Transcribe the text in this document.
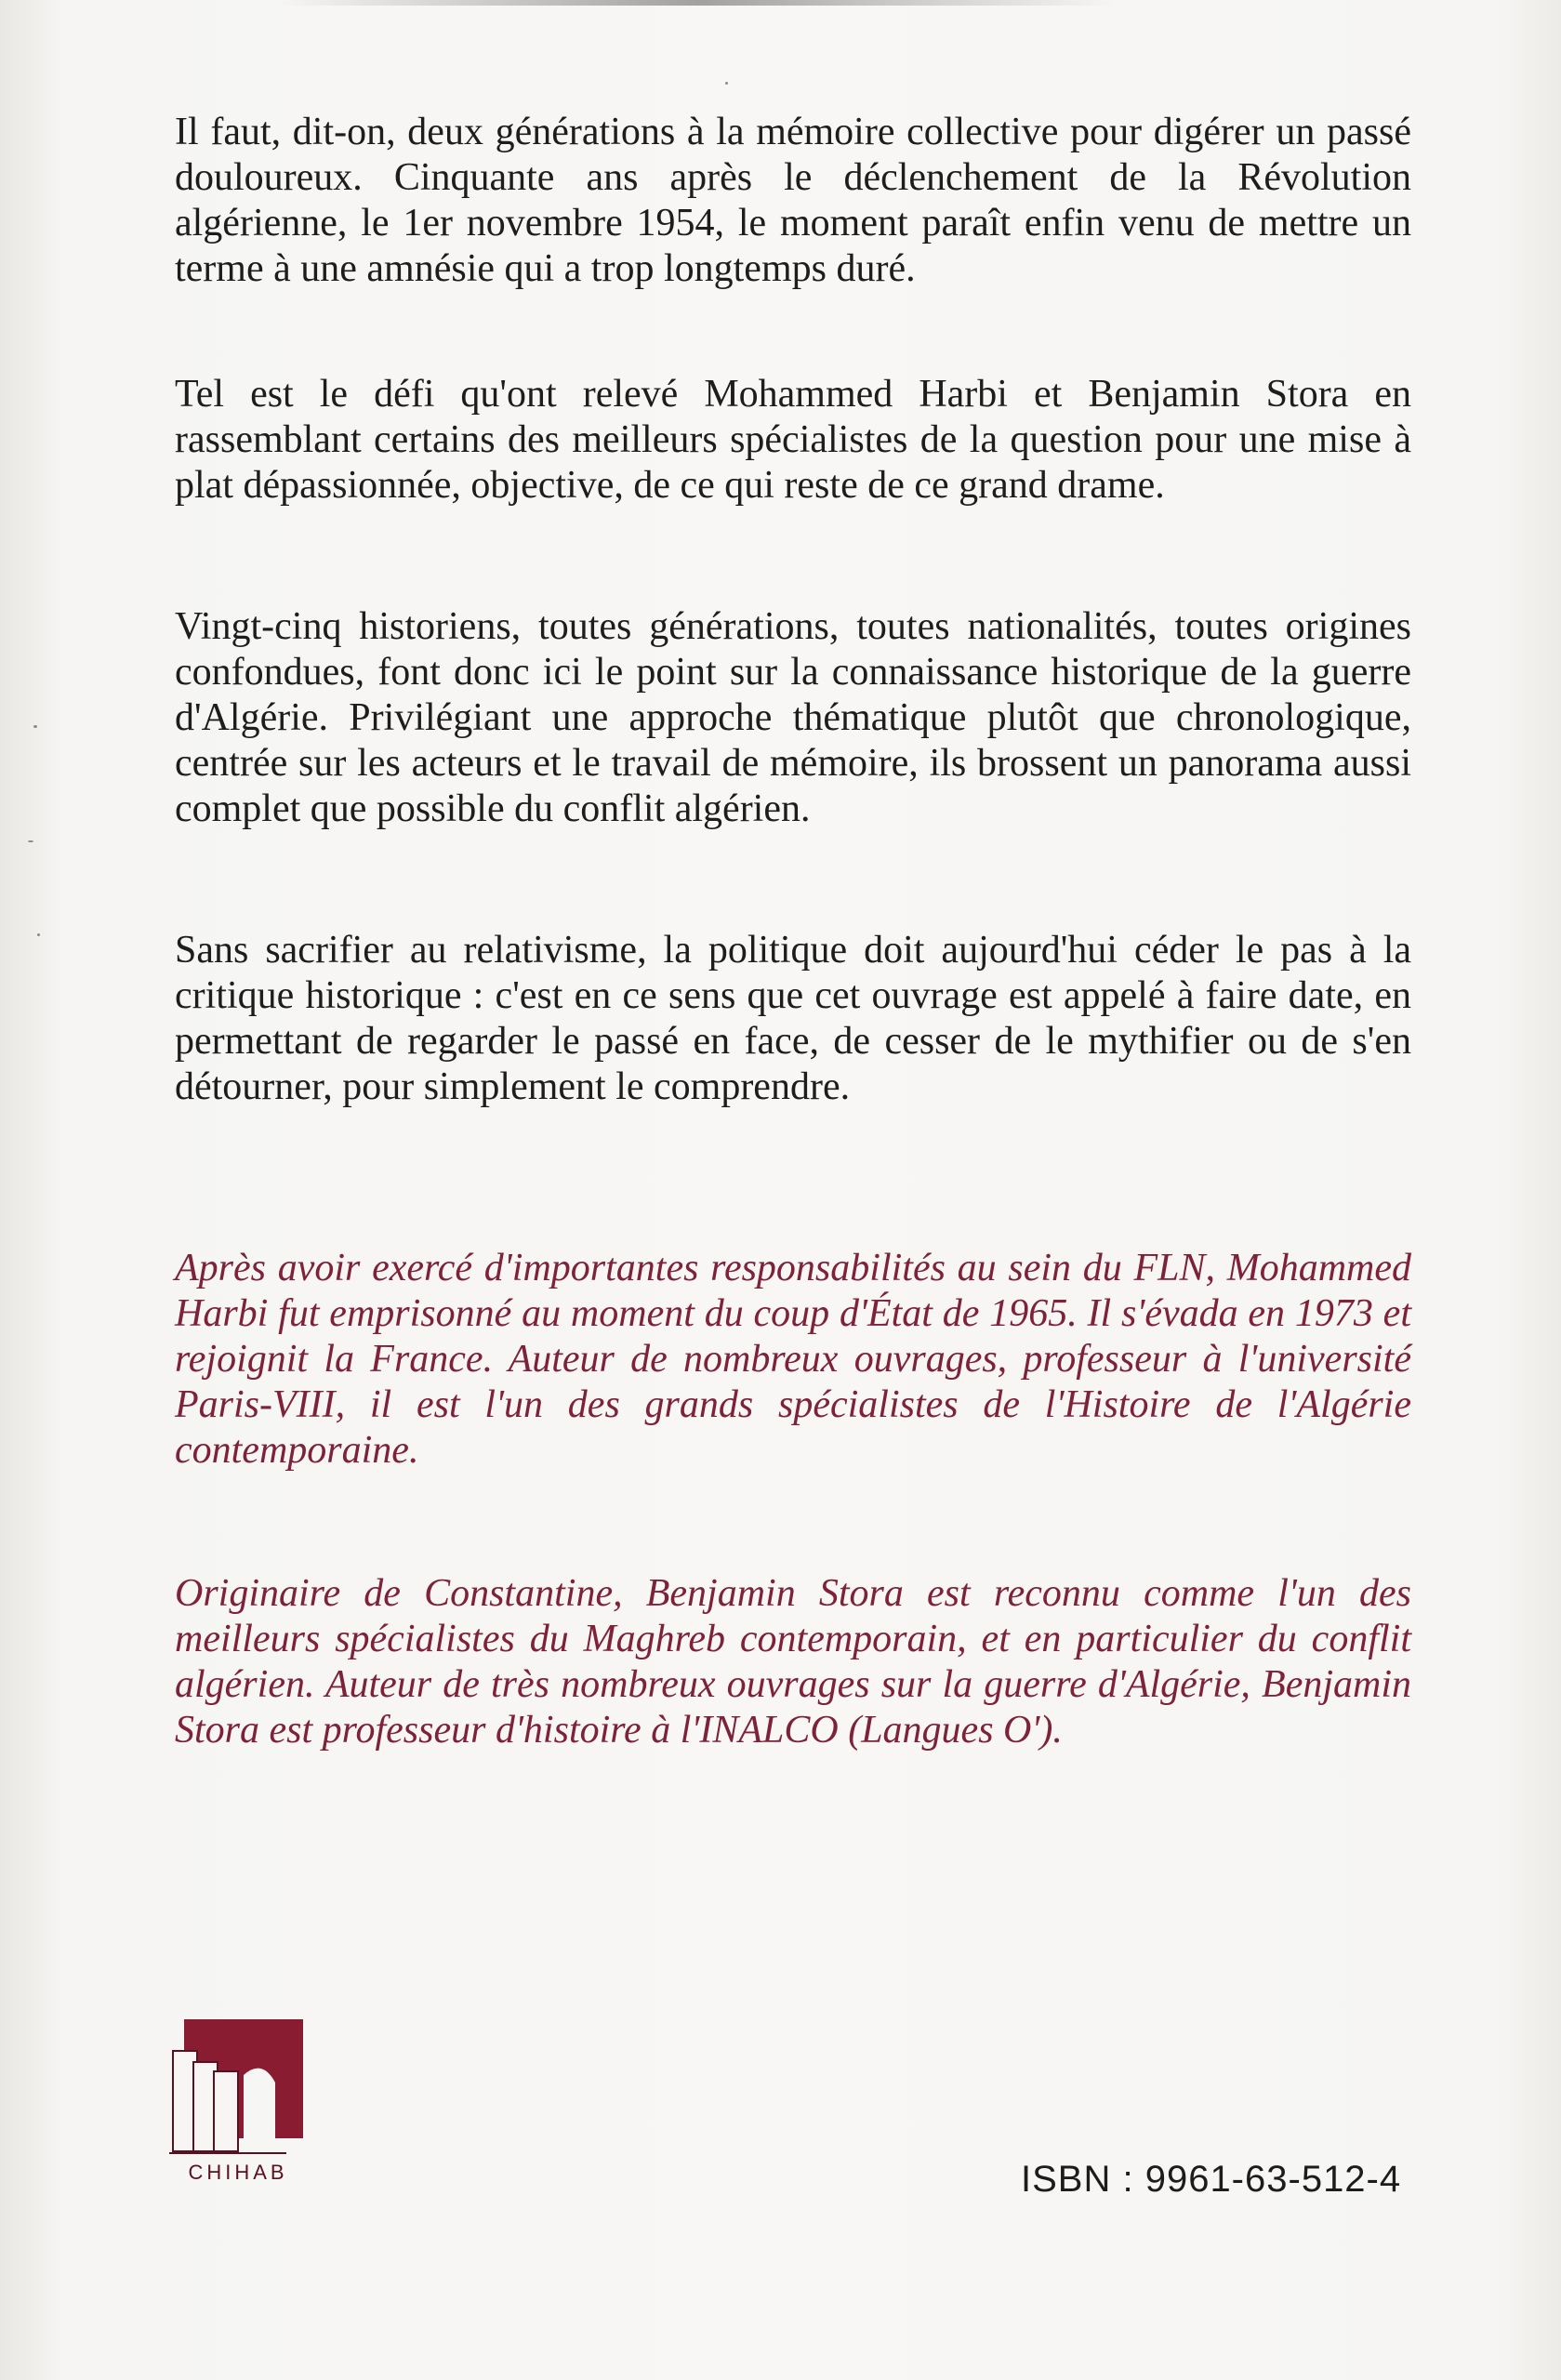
Il faut, dit-on, deux générations à la mémoire collective pour digérer un passé douloureux. Cinquante ans après le déclenchement de la Révolution algérienne, le 1er novembre 1954, le moment paraît enfin venu de mettre un terme à une amnésie qui a trop longtemps duré.

Tel est le défi qu'ont relevé Mohammed Harbi et Benjamin Stora en rassemblant certains des meilleurs spécialistes de la question pour une mise à plat dépassionnée, objective, de ce qui reste de ce grand drame.

Vingt-cinq historiens, toutes générations, toutes nationalités, toutes origines confondues, font donc ici le point sur la connaissance historique de la guerre d'Algérie. Privilégiant une approche thématique plutôt que chronologique, centrée sur les acteurs et le travail de mémoire, ils brossent un panorama aussi complet que possible du conflit algérien.

Sans sacrifier au relativisme, la politique doit aujourd'hui céder le pas à la critique historique : c'est en ce sens que cet ouvrage est appelé à faire date, en permettant de regarder le passé en face, de cesser de le mythifier ou de s'en détourner, pour simplement le comprendre.

Après avoir exercé d'importantes responsabilités au sein du FLN, Mohammed Harbi fut emprisonné au moment du coup d'État de 1965. Il s'évada en 1973 et rejoignit la France. Auteur de nombreux ouvrages, professeur à l'université Paris-VIII, il est l'un des grands spécialistes de l'Histoire de l'Algérie contemporaine.

Originaire de Constantine, Benjamin Stora est reconnu comme l'un des meilleurs spécialistes du Maghreb contemporain, et en particulier du conflit algérien. Auteur de très nombreux ouvrages sur la guerre d'Algérie, Benjamin Stora est professeur d'histoire à l'INALCO (Langues O').

CHIHAB	ISBN : 9961-63-512-4
